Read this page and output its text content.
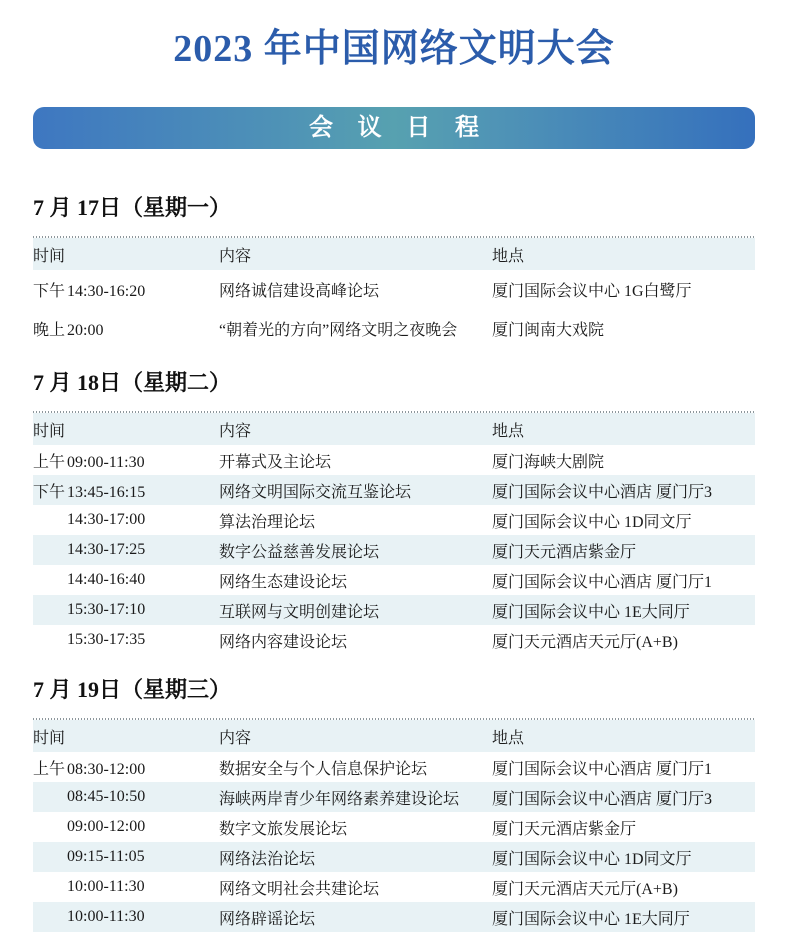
2023 年中国网络文明大会
会 议 日 程
7 月 17日（星期一）
时间	内容	地点
下午 14:30-16:20	网络诚信建设高峰论坛	厦门国际会议中心 1G白鹭厅
晚上 20:00	“朝着光的方向”网络文明之夜晚会	厦门闽南大戏院
7 月 18日（星期二）
时间	内容	地点
上午 09:00-11:30	开幕式及主论坛	厦门海峡大剧院
下午 13:45-16:15	网络文明国际交流互鉴论坛	厦门国际会议中心酒店 厦门厅3
14:30-17:00	算法治理论坛	厦门国际会议中心 1D同文厅
14:30-17:25	数字公益慈善发展论坛	厦门天元酒店紫金厅
14:40-16:40	网络生态建设论坛	厦门国际会议中心酒店 厦门厅1
15:30-17:10	互联网与文明创建论坛	厦门国际会议中心 1E大同厅
15:30-17:35	网络内容建设论坛	厦门天元酒店天元厅(A+B)
7 月 19日（星期三）
时间	内容	地点
上午 08:30-12:00	数据安全与个人信息保护论坛	厦门国际会议中心酒店 厦门厅1
08:45-10:50	海峡两岸青少年网络素养建设论坛	厦门国际会议中心酒店 厦门厅3
09:00-12:00	数字文旅发展论坛	厦门天元酒店紫金厅
09:15-11:05	网络法治论坛	厦门国际会议中心 1D同文厅
10:00-11:30	网络文明社会共建论坛	厦门天元酒店天元厅(A+B)
10:00-11:30	网络辟谣论坛	厦门国际会议中心 1E大同厅
